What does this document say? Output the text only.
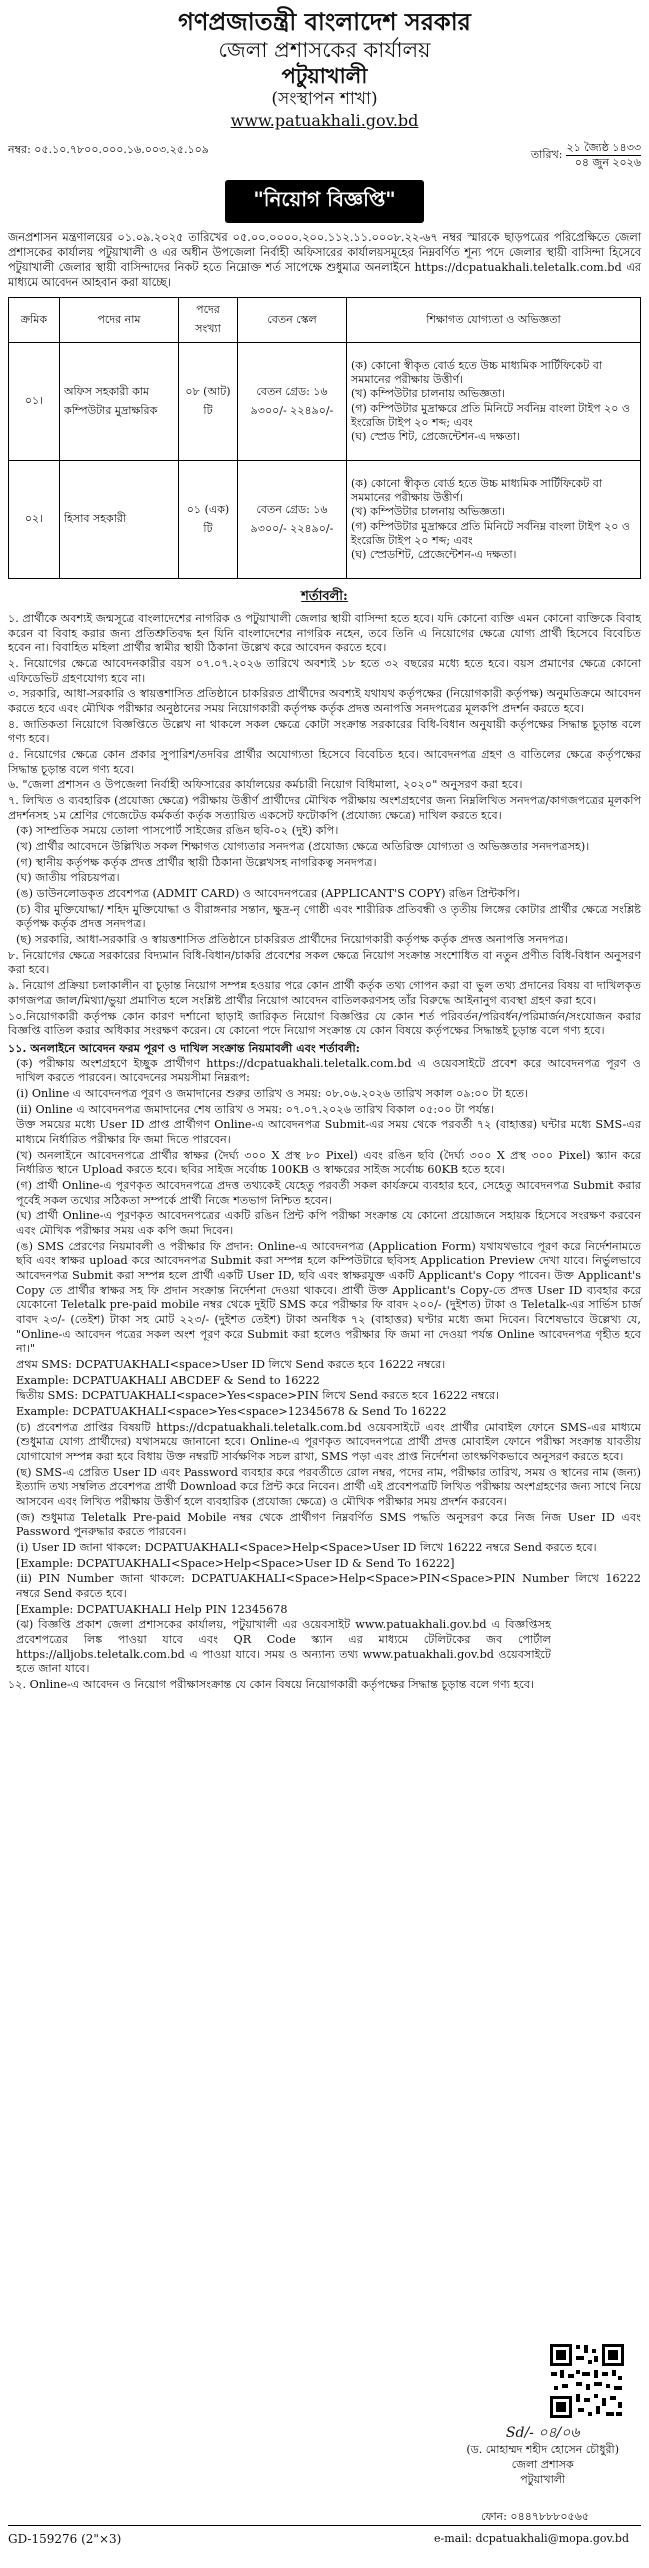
গণপ্রজাতন্ত্রী বাংলাদেশ সরকার
জেলা প্রশাসকের কার্যালয়
পটুয়াখালী
(সংস্থাপন শাখা)
www.patuakhali.gov.bd
নম্বর: ০৫.১০.৭৮০০.০০০.১৬.০০৩.২৫.১০৯	তারিখ:
২১ জ্যৈষ্ঠ ১৪৩৩
০৪ জুন ২০২৬
"নিয়োগ বিজ্ঞপ্তি"

জনপ্রশাসন মন্ত্রণালয়ের ০১.০৯.২০২৫ তারিখের ০৫.০০.০০০০.২০০.১১২.১১.০০০৮.২২-৬৭ নম্বর স্মারকে ছাড়পত্রের পরিপ্রেক্ষিতে জেলা প্রশাসকের কার্যালয় পটুয়াখালী ও এর অধীন উপজেলা নির্বাহী অফিসারের কার্যালয়সমূহের নিম্নবর্ণিত শূন্য পদে জেলার স্থায়ী বাসিন্দা হিসেবে পটুয়াখালী জেলার স্থায়ী বাসিন্দাদের নিকট হতে নিম্নোক্ত শর্ত সাপেক্ষে শুধুমাত্র অনলাইনে https://dcpatuakhali.teletalk.com.bd এর মাধ্যমে আবেদন আহবান করা যাচ্ছে।

ক্রমিক	পদের নাম	পদের সংখ্যা	বেতন স্কেল	শিক্ষাগত যোগ্যতা ও অভিজ্ঞতা
০১।	অফিস সহকারী কাম কম্পিউটার মুদ্রাক্ষরিক	০৮ (আট) টি	বেতন গ্রেড: ১৬ ৯৩০০/- ২২৪৯০/-	(ক) কোনো স্বীকৃত বোর্ড হতে উচ্চ মাধ্যমিক সার্টিফিকেট বা সমমানের পরীক্ষায় উত্তীর্ণ।
(খ) কম্পিউটার চালনায় অভিজ্ঞতা।
(গ) কম্পিউটার মুদ্রাক্ষরে প্রতি মিনিটে সর্বনিম্ন বাংলা টাইপ ২০ ও ইংরেজি টাইপ ২০ শব্দ; এবং
(ঘ) স্প্রেড শিট, প্রেজেন্টেশন-এ দক্ষতা।

০২।	হিসাব সহকারী	০১ (এক) টি	বেতন গ্রেড: ১৬ ৯৩০০/- ২২৪৯০/-	(ক) কোনো স্বীকৃত বোর্ড হতে উচ্চ মাধ্যমিক সার্টিফিকেট বা সমমানের পরীক্ষায় উত্তীর্ণ।
(খ) কম্পিউটার চালনায় অভিজ্ঞতা।
(গ) কম্পিউটার মুদ্রাক্ষরে প্রতি মিনিটে সর্বনিম্ন বাংলা টাইপ ২০ ও ইংরেজি টাইপ ২০ শব্দ; এবং
(ঘ) স্প্রেডশিট, প্রেজেন্টেশন-এ দক্ষতা।
শর্তাবলী:

১. প্রার্থীকে অবশ্যই জন্মসূত্রে বাংলাদেশের নাগরিক ও পটুয়াখালী জেলার স্থায়ী বাসিন্দা হতে হবে। যদি কোনো ব্যক্তি এমন কোনো ব্যক্তিকে বিবাহ করেন বা বিবাহ করার জন্য প্রতিশ্রুতিবদ্ধ হন যিনি বাংলাদেশের নাগরিক নহেন, তবে তিনি এ নিয়োগের ক্ষেত্রে যোগ্য প্রার্থী হিসেবে বিবেচিত হবেন না। বিবাহিত মহিলা প্রার্থীর স্বামীর স্থায়ী ঠিকানা উল্লেখ করে আবেদন করতে হবে।

২. নিয়োগের ক্ষেত্রে আবেদনকারীর বয়স ০৭.০৭.২০২৬ তারিখে অবশ্যই ১৮ হতে ৩২ বছরের মধ্যে হতে হবে। বয়স প্রমাণের ক্ষেত্রে কোনো এফিডেভিট গ্রহণযোগ্য হবে না।

৩. সরকারি, আধা-সরকারি ও স্বায়ত্তশাসিত প্রতিষ্ঠানে চাকরিরত প্রার্থীদের অবশ্যই যথাযথ কর্তৃপক্ষের (নিয়োগকারী কর্তৃপক্ষ) অনুমতিক্রমে আবেদন করতে হবে এবং মৌখিক পরীক্ষার অনুষ্ঠানের সময় নিয়োগকারী কর্তৃপক্ষ কর্তৃক প্রদত্ত অনাপত্তি সনদপত্রের মূলকপি প্রদর্শন করতে হবে।

৪. জাতিকতা নিয়োগে বিজ্ঞপ্তিতে উল্লেখ না থাকলে সকল ক্ষেত্রে কোটা সংক্রান্ত সরকারের বিধি-বিধান অনুযায়ী কর্তৃপক্ষের সিদ্ধান্ত চূড়ান্ত বলে গণ্য হবে।

৫. নিয়োগের ক্ষেত্রে কোন প্রকার সুপারিশ/তদবির প্রার্থীর অযোগ্যতা হিসেবে বিবেচিত হবে। আবেদনপত্র গ্রহণ ও বাতিলের ক্ষেত্রে কর্তৃপক্ষের সিদ্ধান্ত চূড়ান্ত বলে গণ্য হবে।

৬. "জেলা প্রশাসন ও উপজেলা নির্বাহী অফিসারের কার্যালয়ের কর্মচারী নিয়োগ বিধিমালা, ২০২০" অনুসরণ করা হবে।

৭. লিখিত ও ব্যবহারিক (প্রযোজ্য ক্ষেত্রে) পরীক্ষায় উত্তীর্ণ প্রার্থীদের মৌখিক পরীক্ষায় অংশগ্রহণের জন্য নিম্নলিখিত সনদপত্র/কাগজপত্রের মূলকপি প্রদর্শনসহ ১ম শ্রেণির গেজেটেড কর্মকর্তা কর্তৃক সত্যায়িত একসেট ফটোকপি (প্রযোজ্য ক্ষেত্রে) দাখিল করতে হবে।

(ক) সাম্প্রতিক সময়ে তোলা পাসপোর্ট সাইজের রঙিন ছবি-০২ (দুই) কপি।

(খ) প্রার্থীর আবেদনে উল্লিখিত সকল শিক্ষাগত যোগ্যতার সনদপত্র (প্রযোজ্য ক্ষেত্রে অতিরিক্ত যোগ্যতা ও অভিজ্ঞতার সনদপত্রসহ)।

(গ) স্থানীয় কর্তৃপক্ষ কর্তৃক প্রদত্ত প্রার্থীর স্থায়ী ঠিকানা উল্লেখসহ নাগরিকত্ব সনদপত্র।

(ঘ) জাতীয় পরিচয়পত্র।

(ঙ) ডাউনলোডকৃত প্রবেশপত্র (ADMIT CARD) ও আবেদনপত্রের (APPLICANT'S COPY) রঙিন প্রিন্টকপি।

(চ) বীর মুক্তিযোদ্ধা/ শহিদ মুক্তিযোদ্ধা ও বীরাঙ্গনার সন্তান, ক্ষুদ্র-নৃ গোষ্ঠী এবং শারীরিক প্রতিবন্ধী ও তৃতীয় লিঙ্গের কোটার প্রার্থীর ক্ষেত্রে সংশ্লিষ্ট কর্তৃপক্ষ কর্তৃক প্রদত্ত সনদপত্র।

(ছ) সরকারি, আধা-সরকারি ও স্বায়ত্তশাসিত প্রতিষ্ঠানে চাকরিরত প্রার্থীদের নিয়োগকারী কর্তৃপক্ষ কর্তৃক প্রদত্ত অনাপত্তি সনদপত্র।

৮. নিয়োগের ক্ষেত্রে সরকারের বিদ্যমান বিধি-বিধান/চাকরি প্রবেশের সকল ক্ষেত্রে নিয়োগ সংক্রান্ত সংশোধিত বা নতুন প্রণীত বিধি-বিধান অনুসরণ করা হবে।

৯. নিয়োগ প্রক্রিয়া চলাকালীন বা চূড়ান্ত নিয়োগ সম্পন্ন হওয়ার পরে কোন প্রার্থী কর্তৃক তথ্য গোপন করা বা ভুল তথ্য প্রদানের বিষয় বা দাখিলকৃত কাগজপত্র জাল/মিথ্যা/ভুয়া প্রমাণিত হলে সংশ্লিষ্ট প্রার্থীর নিয়োগ আবেদন বাতিলকরণসহ তাঁর বিরুদ্ধে আইনানুগ ব্যবস্থা গ্রহণ করা হবে।

১০.নিয়োগকারী কর্তৃপক্ষ কোন কারণ দর্শানো ছাড়াই জারিকৃত নিয়োগ বিজ্ঞপ্তির যে কোন শর্ত পরিবর্তন/পরিবর্ধন/পরিমার্জন/সংযোজন করার বিজ্ঞপ্তি বাতিল করার অধিকার সংরক্ষণ করেন। যে কোনো পদে নিয়োগ সংক্রান্ত যে কোন বিষয়ে কর্তৃপক্ষের সিদ্ধান্তই চূড়ান্ত বলে গণ্য হবে।

১১. অনলাইনে আবেদন ফরম পূরণ ও দাখিল সংক্রান্ত নিয়মাবলী এবং শর্তাবলী:

(ক) পরীক্ষায় অংশগ্রহণে ইচ্ছুক প্রার্থীগণ https://dcpatuakhali.teletalk.com.bd এ ওয়েবসাইটে প্রবেশ করে আবেদনপত্র পূরণ ও দাখিল করতে পারবেন। আবেদনের সময়সীমা নিম্নরূপ:

(i) Online এ আবেদনপত্র পূরণ ও জমাদানের শুরুর তারিখ ও সময়: ০৮.০৬.২০২৬ তারিখ সকাল ০৯:০০ টা হতে।

(ii) Online এ আবেদনপত্র জমাদানের শেষ তারিখ ও সময়: ০৭.০৭.২০২৬ তারিখ বিকাল ০৫:০০ টা পর্যন্ত।

উক্ত সময়ের মধ্যে User ID প্রাপ্ত প্রার্থীগণ Online-এ আবেদনপত্র Submit-এর সময় থেকে পরবর্তী ৭২ (বাহাত্তর) ঘন্টার মধ্যে SMS-এর মাধ্যমে নির্ধারিত পরীক্ষার ফি জমা দিতে পারবেন।

(খ) অনলাইনে আবেদনপত্রে প্রার্থীর স্বাক্ষর (দৈর্ঘ্য ৩০০ X প্রস্থ ৮০ Pixel) এবং রঙিন ছবি (দৈর্ঘ্য ৩০০ X প্রস্থ ৩০০ Pixel) স্ক্যান করে নির্ধারিত স্থানে Upload করতে হবে। ছবির সাইজ সর্বোচ্চ 100KB ও স্বাক্ষরের সাইজ সর্বোচ্চ 60KB হতে হবে।

(গ) প্রার্থী Online-এ পূরণকৃত আবেদনপত্রে প্রদত্ত তথ্যকেই যেহেতু পরবর্তী সকল কার্যক্রমে ব্যবহার হবে, সেহেতু আবেদনপত্র Submit করার পূর্বেই সকল তথ্যের সঠিকতা সম্পর্কে প্রার্থী নিজে শতভাগ নিশ্চিত হবেন।

(ঘ) প্রার্থী Online-এ পূরণকৃত আবেদনপত্রের একটি রঙিন প্রিন্ট কপি পরীক্ষা সংক্রান্ত যে কোনো প্রয়োজনে সহায়ক হিসেবে সংরক্ষণ করবেন এবং মৌখিক পরীক্ষার সময় এক কপি জমা দিবেন।

(ঙ) SMS প্রেরণের নিয়মাবলী ও পরীক্ষার ফি প্রদান: Online-এ আবেদনপত্র (Application Form) যথাযথভাবে পূরণ করে নির্দেশনামতে ছবি এবং স্বাক্ষর upload করে আবেদনপত্র Submit করা সম্পন্ন হলে কম্পিউটারে ছবিসহ Application Preview দেখা যাবে। নির্ভুলভাবে আবেদনপত্র Submit করা সম্পন্ন হলে প্রার্থী একটি User ID, ছবি এবং স্বাক্ষরযুক্ত একটি Applicant's Copy পাবেন। উক্ত Applicant's Copy তে প্রার্থীর স্বাক্ষর সহ ফি প্রদান সংক্রান্ত নির্দেশনা দেওয়া থাকবে। প্রার্থী উক্ত Applicant's Copy-তে প্রদত্ত User ID ব্যবহার করে যেকোনো Teletalk pre-paid mobile নম্বর থেকে দুইটি SMS করে পরীক্ষার ফি বাবদ ২০০/- (দুইশত) টাকা ও Teletalk-এর সার্ভিস চার্জ বাবদ ২৩/- (তেইশ) টাকা সহ মোট ২২৩/- (দুইশত তেইশ) টাকা অনধিক ৭২ (বাহাত্তর) ঘণ্টার মধ্যে জমা দিবেন। বিশেষভাবে উল্লেখ্য যে, "Online-এ আবেদন পত্রের সকল অংশ পূরণ করে Submit করা হলেও পরীক্ষার ফি জমা না দেওয়া পর্যন্ত Online আবেদনপত্র গৃহীত হবে না।"

প্রথম SMS: DCPATUAKHALI<space>User ID লিখে Send করতে হবে 16222 নম্বরে।

Example: DCPATUAKHALI ABCDEF & Send to 16222

দ্বিতীয় SMS: DCPATUAKHALI<space>Yes<space>PIN লিখে Send করতে হবে 16222 নম্বরে।

Example: DCPATUAKHALI<space>Yes<space>12345678 & Send To 16222

(চ) প্রবেশপত্র প্রাপ্তির বিষয়টি https://dcpatuakhali.teletalk.com.bd ওয়েবসাইটে এবং প্রার্থীর মোবাইল ফোনে SMS-এর মাধ্যমে (শুধুমাত্র যোগ্য প্রার্থীদের) যথাসময়ে জানানো হবে। Online-এ পূরণকৃত আবেদনপত্রে প্রার্থী প্রদত্ত মোবাইল ফোনে পরীক্ষা সংক্রান্ত যাবতীয় যোগাযোগ সম্পন্ন করা হবে বিধায় উক্ত নম্বরটি সার্বক্ষণিক সচল রাখা, SMS পড়া এবং প্রাপ্ত নির্দেশনা তাৎক্ষণিকভাবে অনুসরণ করতে হবে।

(ছ) SMS-এ প্রেরিত User ID এবং Password ব্যবহার করে পরবর্তীতে রোল নম্বর, পদের নাম, পরীক্ষার তারিখ, সময় ও স্থানের নাম (জন্য) ইত্যাদি তথ্য সম্বলিত প্রবেশপত্র প্রার্থী Download করে প্রিন্ট করে নিবেন। প্রার্থী এই প্রবেশপত্রটি লিখিত পরীক্ষায় অংশগ্রহণের জন্য সাথে নিয়ে আসবেন এবং লিখিত পরীক্ষায় উত্তীর্ণ হলে ব্যবহারিক (প্রযোজ্য ক্ষেত্রে) ও মৌখিক পরীক্ষার সময় প্রদর্শন করবেন।

(জ) শুধুমাত্র Teletalk Pre-paid Mobile নম্বর থেকে প্রার্থীগণ নিম্নবর্ণিত SMS পদ্ধতি অনুসরণ করে নিজ নিজ User ID এবং Password পুনরুদ্ধার করতে পারবেন।

(i) User ID জানা থাকলে: DCPATUAKHALI<Space>Help<Space>User ID লিখে 16222 নম্বরে Send করতে হবে।

[Example: DCPATUAKHALI<Space>Help<Space>User ID & Send To 16222]

(ii) PIN Number জানা থাকলে: DCPATUAKHALI<Space>Help<Space>PIN<Space>PIN Number লিখে 16222 নম্বরে Send করতে হবে।

[Example: DCPATUAKHALI Help PIN 12345678

(ঝ) বিজ্ঞপ্তি প্রকাশ জেলা প্রশাসকের কার্যালয়, পটুয়াখালী এর ওয়েবসাইট www.patuakhali.gov.bd এ বিজ্ঞপ্তিসহ প্রবেশপত্রের লিঙ্ক পাওয়া যাবে এবং QR Code স্ক্যান এর মাধ্যমে টেলিটকের জব পোর্টাল https://alljobs.teletalk.com.bd এ পাওয়া যাবে। সময় ও অন্যান্য তথ্য www.patuakhali.gov.bd ওয়েবসাইটে হতে জানা যাবে।

১২. Online-এ আবেদন ও নিয়োগ পরীক্ষাসংক্রান্ত যে কোন বিষয়ে নিয়োগকারী কর্তৃপক্ষের সিদ্ধান্ত চূড়ান্ত বলে গণ্য হবে।

Sd/- ০৪/০৬
(ড. মোহাম্মদ শহীদ হোসেন চৌধুরী)
জেলা প্রশাসক
পটুয়াখালী
ফোন: ০৪৪৭৮৮৮০৫৬৫
GD-159276 (2"×3)	e-mail: dcpatuakhali@mopa.gov.bd
